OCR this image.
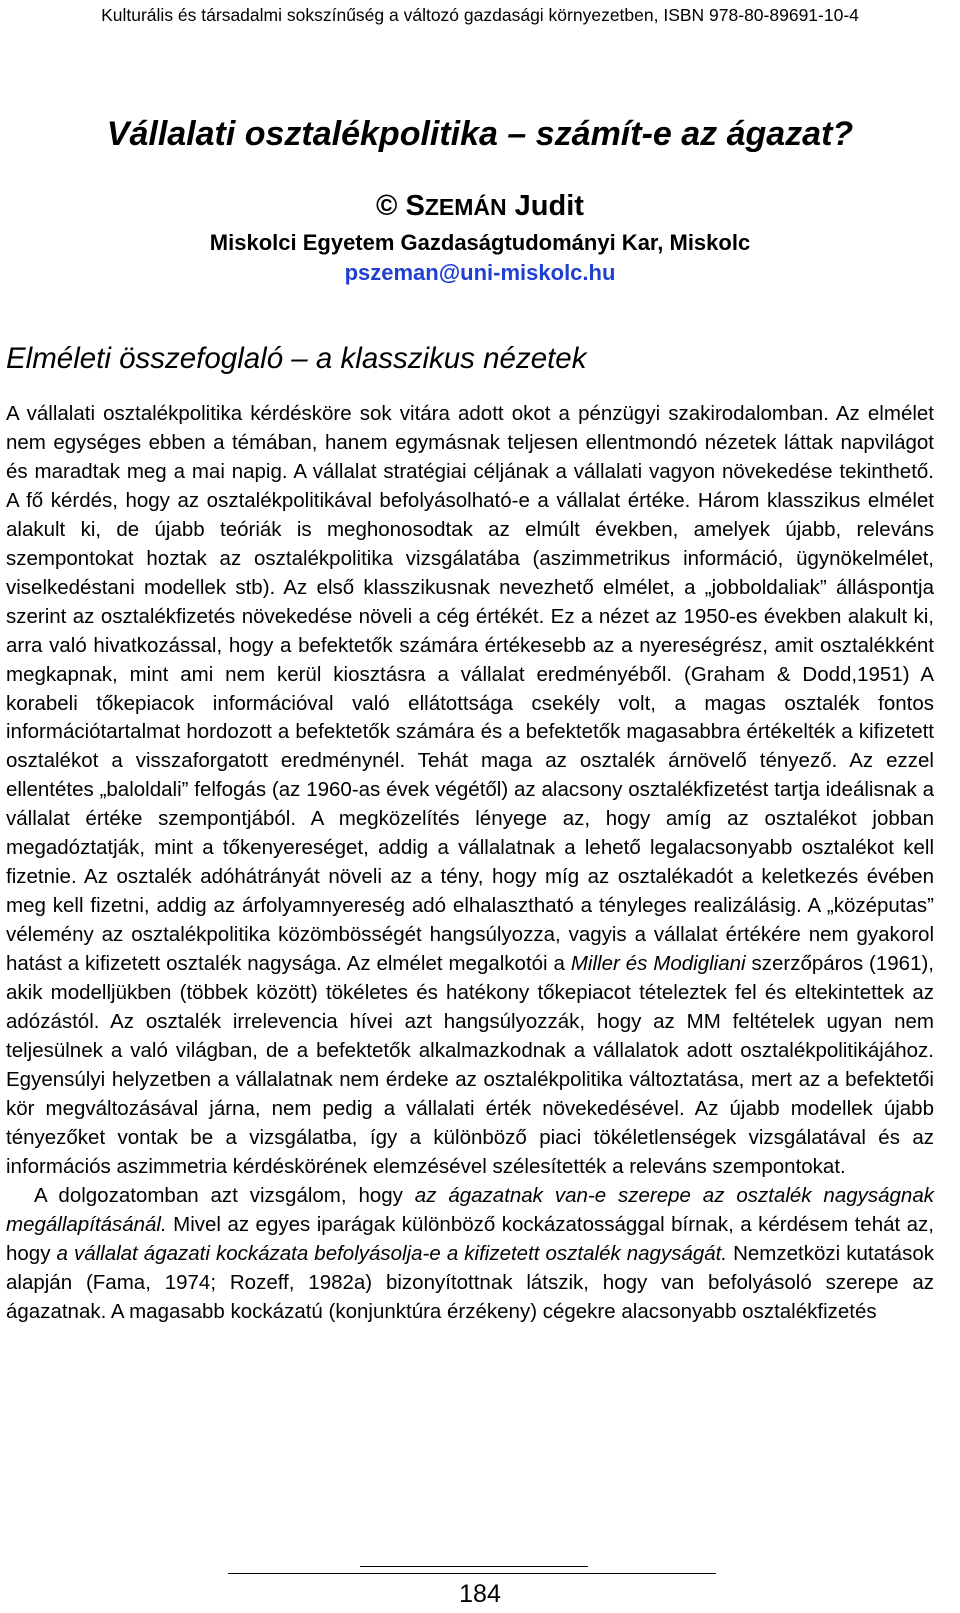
Kulturális és társadalmi sokszínűség a változó gazdasági környezetben, ISBN 978-80-89691-10-4
Vállalati osztalékpolitika – számít-e az ágazat?
© SZEMÁN Judit
Miskolci Egyetem Gazdaságtudományi Kar, Miskolc
pszeman@uni-miskolc.hu
Elméleti összefoglaló – a klasszikus nézetek

A vállalati osztalékpolitika kérdésköre sok vitára adott okot a pénzügyi szakirodalomban. Az elmélet nem egységes ebben a témában, hanem egymásnak teljesen ellentmondó nézetek láttak napvilágot és maradtak meg a mai napig. A vállalat stratégiai céljának a vállalati vagyon növekedése tekinthető. A fő kérdés, hogy az osztalékpolitikával befolyásolható-e a vállalat értéke. Három klasszikus elmélet alakult ki, de újabb teóriák is meghonosodtak az elmúlt években, amelyek újabb, releváns szempontokat hoztak az osztalékpolitika vizsgálatába (aszimmetrikus információ, ügynökelmélet, viselkedéstani modellek stb). Az első klasszikusnak nevezhető elmélet, a „jobboldaliak” álláspontja szerint az osztalékfizetés növekedése növeli a cég értékét. Ez a nézet az 1950-es években alakult ki, arra való hivatkozással, hogy a befektetők számára értékesebb az a nyereségrész, amit osztalékként megkapnak, mint ami nem kerül kiosztásra a vállalat eredményéből. (Graham & Dodd,1951) A korabeli tőkepiacok információval való ellátottsága csekély volt, a magas osztalék fontos információtartalmat hordozott a befektetők számára és a befektetők magasabbra értékelték a kifizetett osztalékot a visszaforgatott eredménynél. Tehát maga az osztalék árnövelő tényező. Az ezzel ellentétes „baloldali” felfogás (az 1960-as évek végétől) az alacsony osztalékfizetést tartja ideálisnak a vállalat értéke szempontjából. A megközelítés lényege az, hogy amíg az osztalékot jobban megadóztatják, mint a tőkenyereséget, addig a vállalatnak a lehető legalacsonyabb osztalékot kell fizetnie. Az osztalék adóhátrányát növeli az a tény, hogy míg az osztalékadót a keletkezés évében meg kell fizetni, addig az árfolyamnyereség adó elhalasztható a tényleges realizálásig. A „középutas” vélemény az osztalékpolitika közömbösségét hangsúlyozza, vagyis a vállalat értékére nem gyakorol hatást a kifizetett osztalék nagysága. Az elmélet megalkotói a Miller és Modigliani szerzőpáros (1961), akik modelljükben (többek között) tökéletes és hatékony tőkepiacot tételeztek fel és eltekintettek az adózástól. Az osztalék irrelevencia hívei azt hangsúlyozzák, hogy az MM feltételek ugyan nem teljesülnek a való világban, de a befektetők alkalmazkodnak a vállalatok adott osztalékpolitikájához. Egyensúlyi helyzetben a vállalatnak nem érdeke az osztalékpolitika változtatása, mert az a befektetői kör megváltozásával járna, nem pedig a vállalati érték növekedésével. Az újabb modellek újabb tényezőket vontak be a vizsgálatba, így a különböző piaci tökéletlenségek vizsgálatával és az információs aszimmetria kérdéskörének elemzésével szélesítették a releváns szempontokat.

A dolgozatomban azt vizsgálom, hogy az ágazatnak van-e szerepe az osztalék nagyságnak megállapításánál. Mivel az egyes iparágak különböző kockázatossággal bírnak, a kérdésem tehát az, hogy a vállalat ágazati kockázata befolyásolja-e a kifizetett osztalék nagyságát. Nemzetközi kutatások alapján (Fama, 1974; Rozeff, 1982a) bizonyítottnak látszik, hogy van befolyásoló szerepe az ágazatnak. A magasabb kockázatú (konjunktúra érzékeny) cégekre alacsonyabb osztalékfizetés

184
